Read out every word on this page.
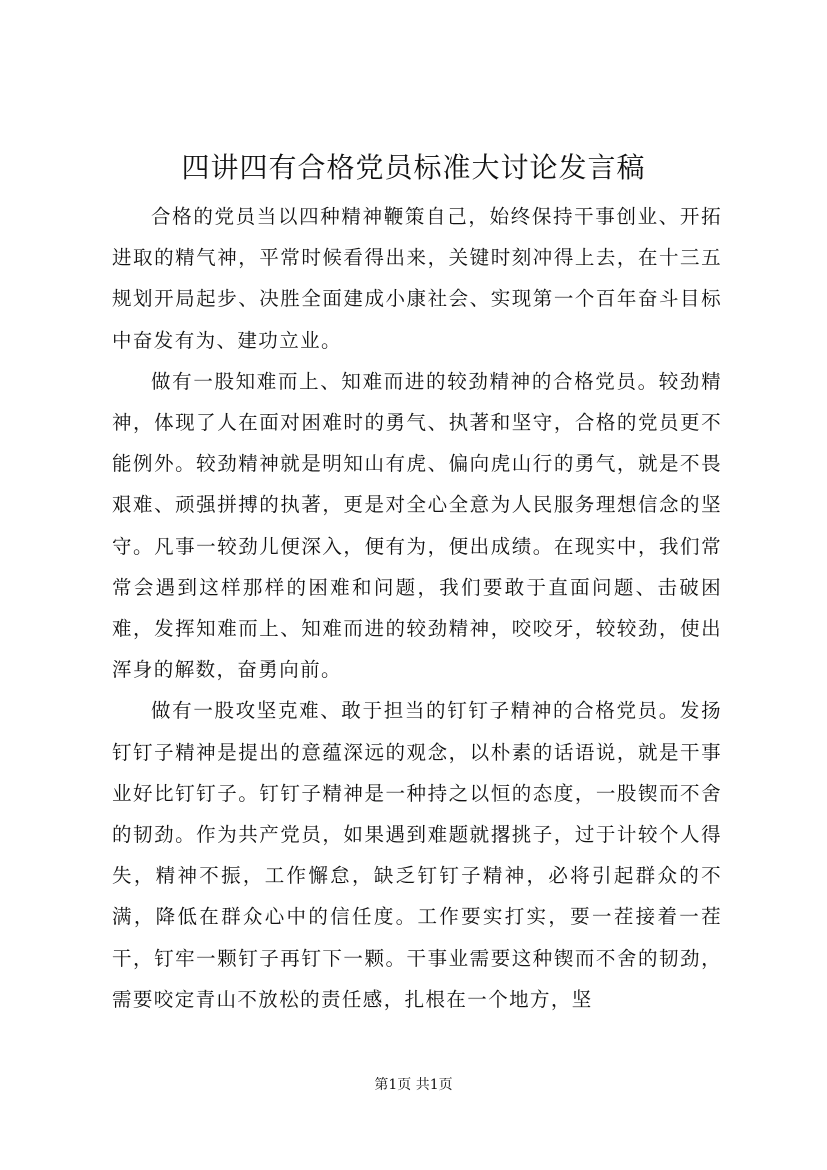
四讲四有合格党员标准大讨论发言稿

合格的党员当以四种精神鞭策自己，始终保持干事创业、开拓进取的精气神，平常时候看得出来，关键时刻冲得上去，在十三五规划开局起步、决胜全面建成小康社会、实现第一个百年奋斗目标中奋发有为、建功立业。

做有一股知难而上、知难而进的较劲精神的合格党员。较劲精神，体现了人在面对困难时的勇气、执著和坚守，合格的党员更不能例外。较劲精神就是明知山有虎、偏向虎山行的勇气，就是不畏艰难、顽强拼搏的执著，更是对全心全意为人民服务理想信念的坚守。凡事一较劲儿便深入，便有为，便出成绩。在现实中，我们常常会遇到这样那样的困难和问题，我们要敢于直面问题、击破困难，发挥知难而上、知难而进的较劲精神，咬咬牙，较较劲，使出浑身的解数，奋勇向前。

做有一股攻坚克难、敢于担当的钉钉子精神的合格党员。发扬钉钉子精神是提出的意蕴深远的观念，以朴素的话语说，就是干事业好比钉钉子。钉钉子精神是一种持之以恒的态度，一股锲而不舍的韧劲。作为共产党员，如果遇到难题就撂挑子，过于计较个人得失，精神不振，工作懈怠，缺乏钉钉子精神，必将引起群众的不满，降低在群众心中的信任度。工作要实打实，要一茬接着一茬干，钉牢一颗钉子再钉下一颗。干事业需要这种锲而不舍的韧劲，需要咬定青山不放松的责任感，扎根在一个地方，坚

第1页 共1页
